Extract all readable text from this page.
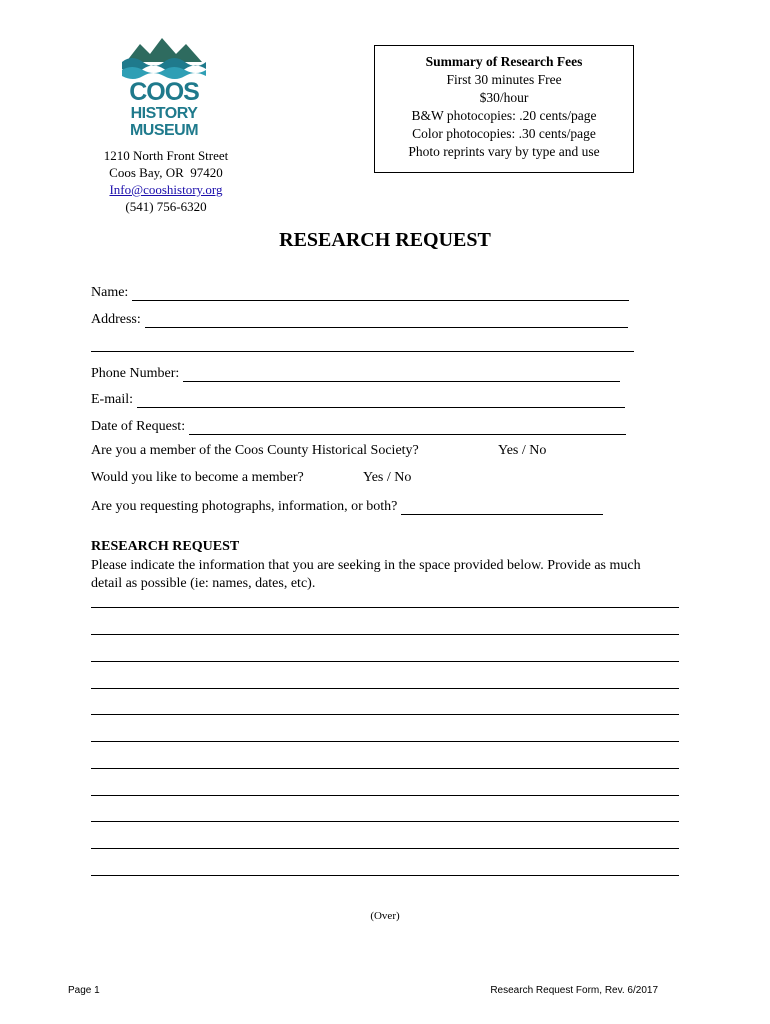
COOS
HISTORY
MUSEUM
1210 North Front Street
Coos Bay, OR  97420
Info@cooshistory.org
(541) 756-6320
Summary of Research Fees
First 30 minutes Free
$30/hour
B&W photocopies: .20 cents/page
Color photocopies: .30 cents/page
Photo reprints vary by type and use
RESEARCH REQUEST
Name:
Address:
Phone Number:
E-mail:
Date of Request:
Are you a member of the Coos County Historical Society?	Yes / No
Would you like to become a member?	Yes / No
Are you requesting photographs, information, or both?
RESEARCH REQUEST
Please indicate the information that you are seeking in the space provided below. Provide as much detail as possible (ie: names, dates, etc).
(Over)
Page 1	Research Request Form, Rev. 6/2017
